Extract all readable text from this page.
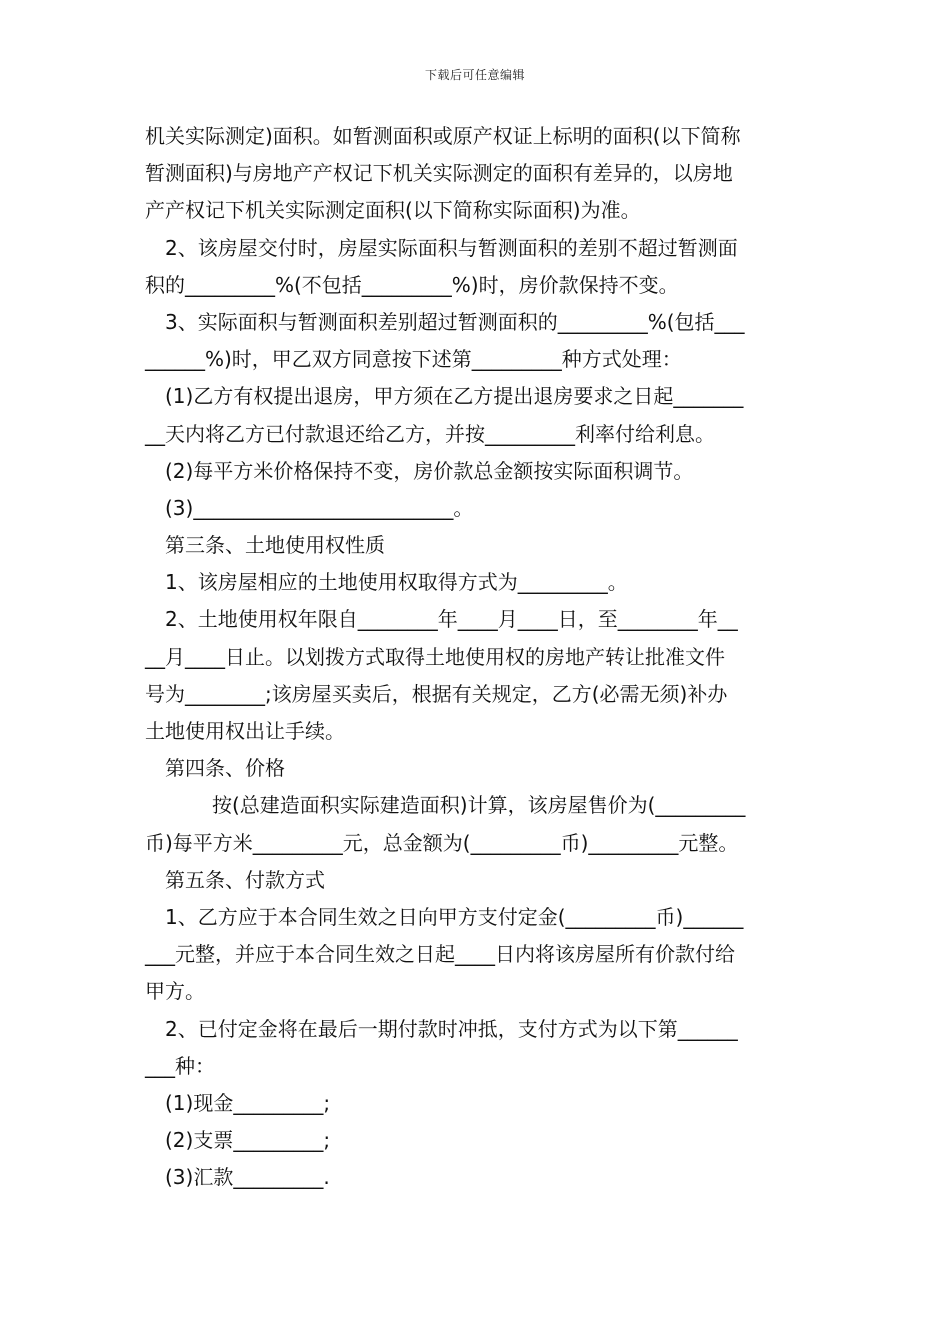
下载后可任意编辑
机关实际测定)面积。如暂测面积或原产权证上标明的面积(以下简称
暂测面积)与房地产产权记下机关实际测定的面积有差异的，以房地
产产权记下机关实际测定面积(以下简称实际面积)为准。
2、该房屋交付时，房屋实际面积与暂测面积的差别不超过暂测面
积的_________%(不包括_________%)时，房价款保持不变。
3、实际面积与暂测面积差别超过暂测面积的_________%(包括___
______%)时，甲乙双方同意按下述第_________种方式处理：
(1)乙方有权提出退房，甲方须在乙方提出退房要求之日起_______
__天内将乙方已付款退还给乙方，并按_________利率付给利息。
(2)每平方米价格保持不变，房价款总金额按实际面积调节。
(3)__________________________。
第三条、土地使用权性质
1、该房屋相应的土地使用权取得方式为_________。
2、土地使用权年限自________年____月____日，至________年__
__月____日止。以划拨方式取得土地使用权的房地产转让批准文件
号为________;该房屋买卖后，根据有关规定，乙方(必需无须)补办
土地使用权出让手续。
第四条、价格
按(总建造面积实际建造面积)计算，该房屋售价为(_________
币)每平方米_________元，总金额为(_________币)_________元整。
第五条、付款方式
1、乙方应于本合同生效之日向甲方支付定金(_________币)______
___元整，并应于本合同生效之日起____日内将该房屋所有价款付给
甲方。
2、已付定金将在最后一期付款时冲抵，支付方式为以下第______
___种：
(1)现金_________;
(2)支票_________;
(3)汇款_________.
